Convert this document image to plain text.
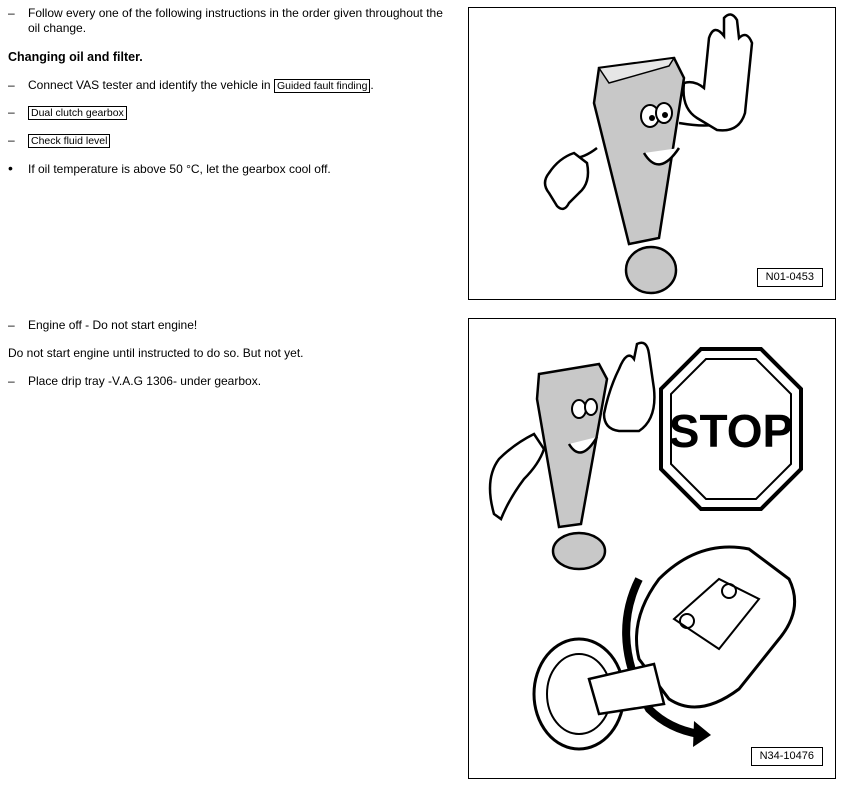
–	Follow every one of the following instructions in the order given throughout the oil change.
Changing oil and filter.
–	Connect VAS tester and identify the vehicle in Guided fault finding .
–	Dual clutch gearbox
–	Check fluid level
•	If oil temperature is above 50 °C, let the gearbox cool off.
–	Engine off - Do not start engine!
Do not start engine until instructed to do so. But not yet.
–	Place drip tray -V.A.G 1306- under gearbox.
N01-0453
STOP
N34-10476
